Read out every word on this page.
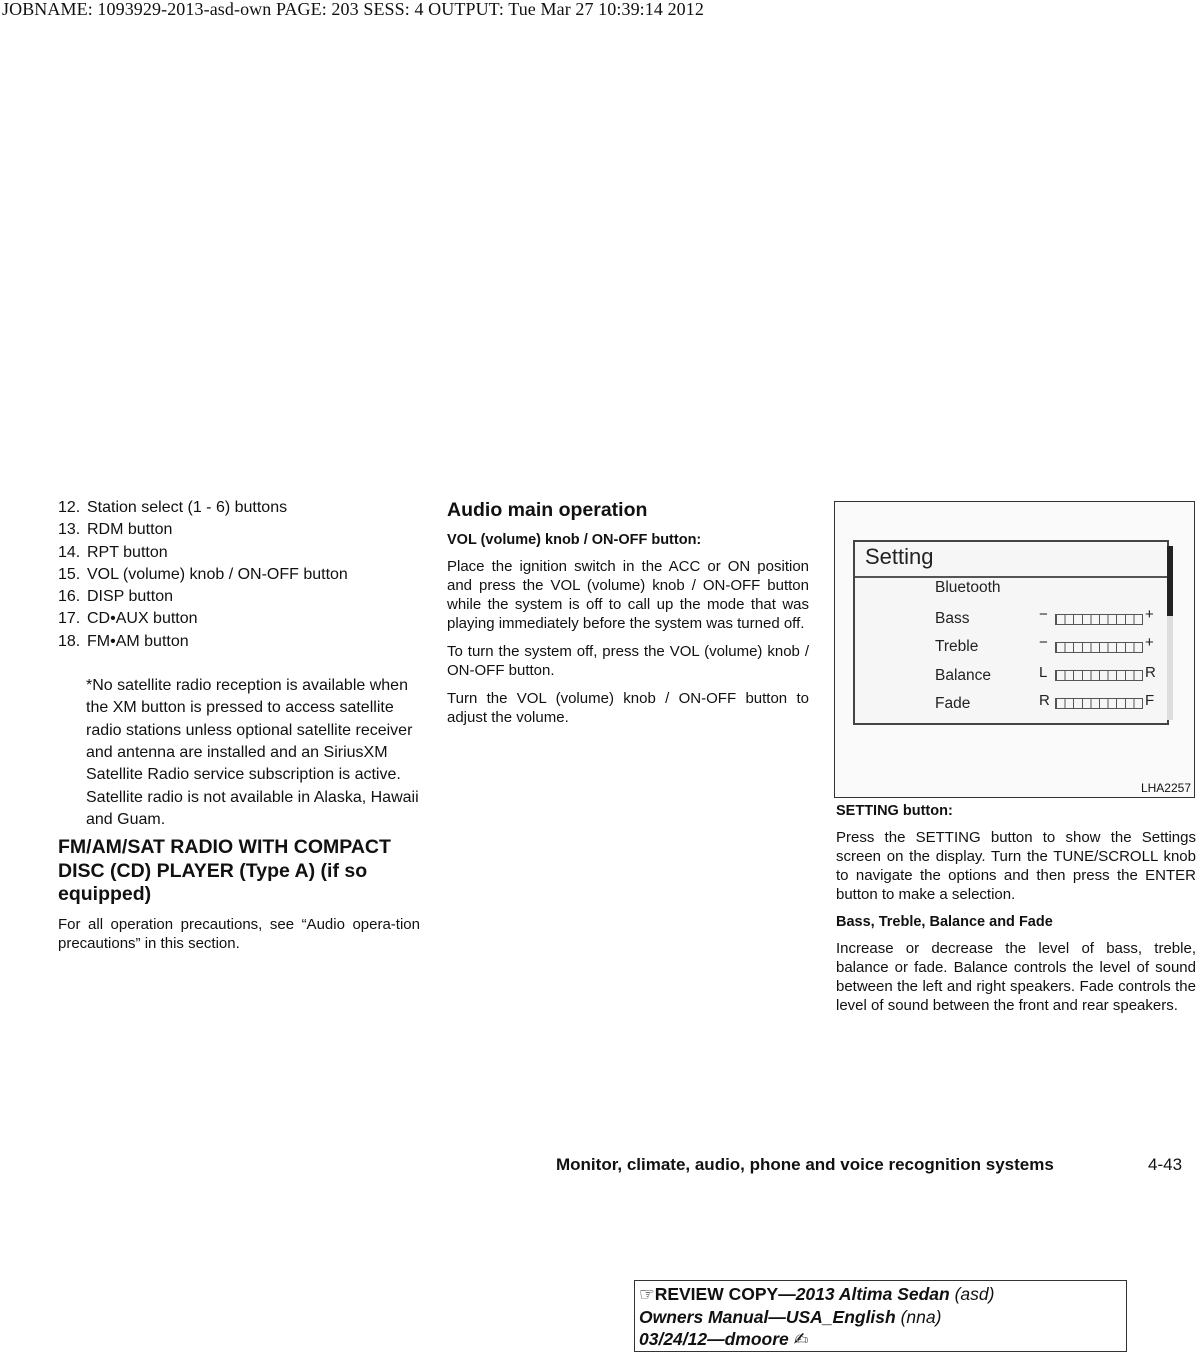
JOBNAME: 1093929-2013-asd-own PAGE: 203 SESS: 4 OUTPUT: Tue Mar 27 10:39:14 2012
12. Station select (1 - 6) buttons
13. RDM button
14. RPT button
15. VOL (volume) knob / ON-OFF button
16. DISP button
17. CD•AUX button
18. FM•AM button

*No satellite radio reception is available when the XM button is pressed to access satellite radio stations unless optional satellite receiver and antenna are installed and an SiriusXM Satellite Radio service subscription is active. Satellite radio is not available in Alaska, Hawaii and Guam.

FM/AM/SAT RADIO WITH COMPACT DISC (CD) PLAYER (Type A) (if so equipped)

For all operation precautions, see “Audio opera-tion precautions” in this section.

Audio main operation
VOL (volume) knob / ON-OFF button:

Place the ignition switch in the ACC or ON position and press the VOL (volume) knob / ON-OFF button while the system is off to call up the mode that was playing immediately before the system was turned off.

To turn the system off, press the VOL (volume) knob / ON-OFF button.

Turn the VOL (volume) knob / ON-OFF button to adjust the volume.

Setting
Bluetooth
Bass	−	+
Treble	−	+
Balance	L	R
Fade	R	F
LHA2257
SETTING button:

Press the SETTING button to show the Settings screen on the display. Turn the TUNE/SCROLL knob to navigate the options and then press the ENTER button to make a selection.

Bass, Treble, Balance and Fade

Increase or decrease the level of bass, treble, balance or fade. Balance controls the level of sound between the left and right speakers. Fade controls the level of sound between the front and rear speakers.

Monitor, climate, audio, phone and voice recognition systems	4-43
☞REVIEW COPY—2013 Altima Sedan (asd)
Owners Manual—USA_English (nna)
03/24/12—dmoore ✍
